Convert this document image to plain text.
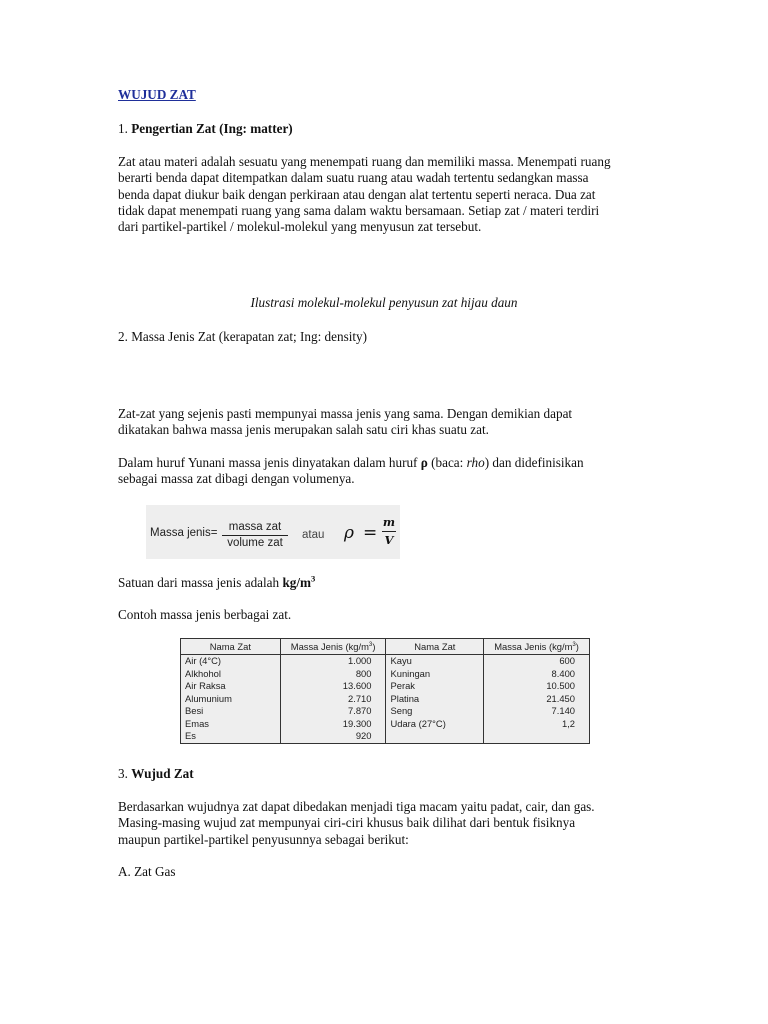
WUJUD ZAT
1. Pengertian Zat (Ing: matter)
Zat atau materi adalah sesuatu yang menempati ruang dan memiliki massa. Menempati ruang
berarti benda dapat ditempatkan dalam suatu ruang atau wadah tertentu sedangkan massa
benda dapat diukur baik dengan perkiraan atau dengan alat tertentu seperti neraca. Dua zat
tidak dapat menempati ruang yang sama dalam waktu bersamaan. Setiap zat / materi terdiri
dari partikel-partikel / molekul-molekul yang menyusun zat tersebut.
Ilustrasi molekul-molekul penyusun zat hijau daun
2. Massa Jenis Zat (kerapatan zat; Ing: density)
Zat-zat yang sejenis pasti mempunyai massa jenis yang sama. Dengan demikian dapat
dikatakan bahwa massa jenis merupakan salah satu ciri khas suatu zat.
Dalam huruf Yunani massa jenis dinyatakan dalam huruf ρ (baca: rho) dan didefinisikan
sebagai massa zat dibagi dengan volumenya.
Massa jenis= massa zat
volume zat
atau ρ =
m
V
Satuan dari massa jenis adalah $kg/m^3$
Contoh massa jenis berbagai zat.
Nama Zat	Massa Jenis $(kg/m^3)$	Nama Zat	Massa Jenis $(kg/m^3)$
Air (4°C)	1.000	Kayu	600
Alkhohol	800	Kuningan	8.400
Air Raksa	13.600	Perak	10.500
Alumunium	2.710	Platina	21.450
Besi	7.870	Seng	7.140
Emas	19.300	Udara (27°C)	1,2
Es	920		
3. Wujud Zat
Berdasarkan wujudnya zat dapat dibedakan menjadi tiga macam yaitu padat, cair, dan gas.
Masing-masing wujud zat mempunyai ciri-ciri khusus baik dilihat dari bentuk fisiknya
maupun partikel-partikel penyusunnya sebagai berikut:
A. Zat Gas
